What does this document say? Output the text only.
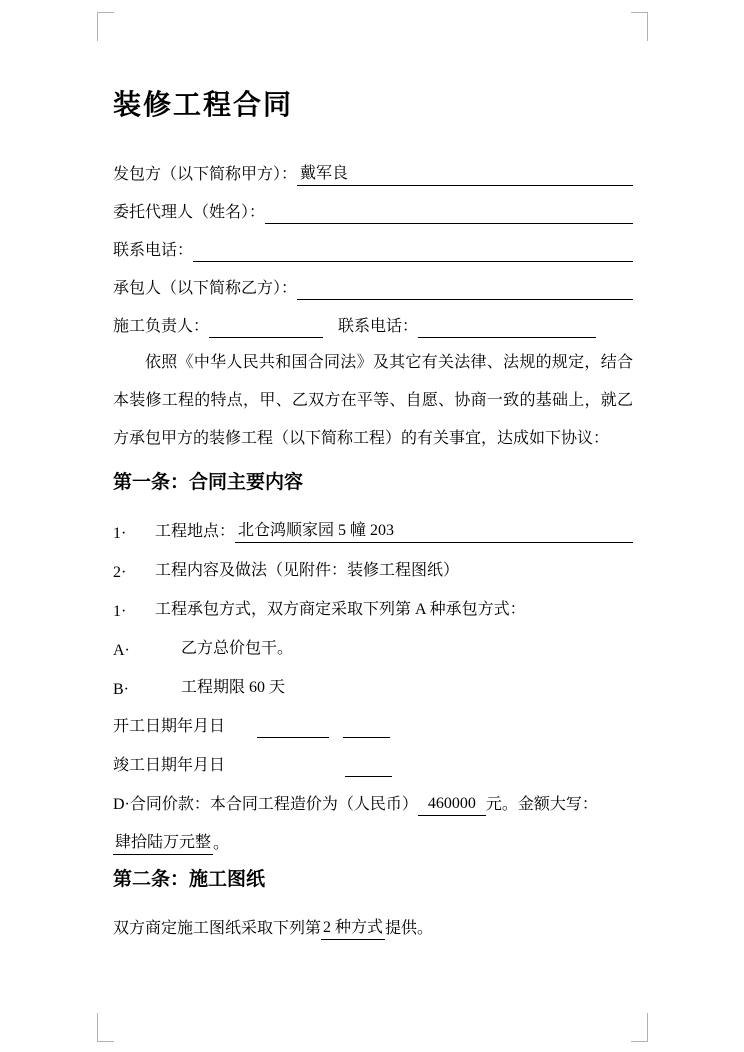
装修工程合同
发包方（以下简称甲方）： 戴军良
委托代理人（姓名）：
联系电话：
承包人（以下简称乙方）：
施工负责人：	联系电话：

依照《中华人民共和国合同法》及其它有关法律、法规的规定，结合本装修工程的特点，甲、乙双方在平等、自愿、协商一致的基础上，就乙方承包甲方的装修工程（以下简称工程）的有关事宜，达成如下协议：

第一条：合同主要内容
1·	工程地点： 北仓鸿顺家园 5 幢 203
2·	工程内容及做法（见附件：装修工程图纸）
1·	工程承包方式，双方商定采取下列第 A 种承包方式：
A·	乙方总价包干。
B·	工程期限 60 天
开工日期年月日
竣工日期年月日
D·合同价款：本合同工程造价为（人民币） 460000 元。金额大写：
肆拾陆万元整 。
第二条：施工图纸
双方商定施工图纸采取下列第 2 种方式 提供。
